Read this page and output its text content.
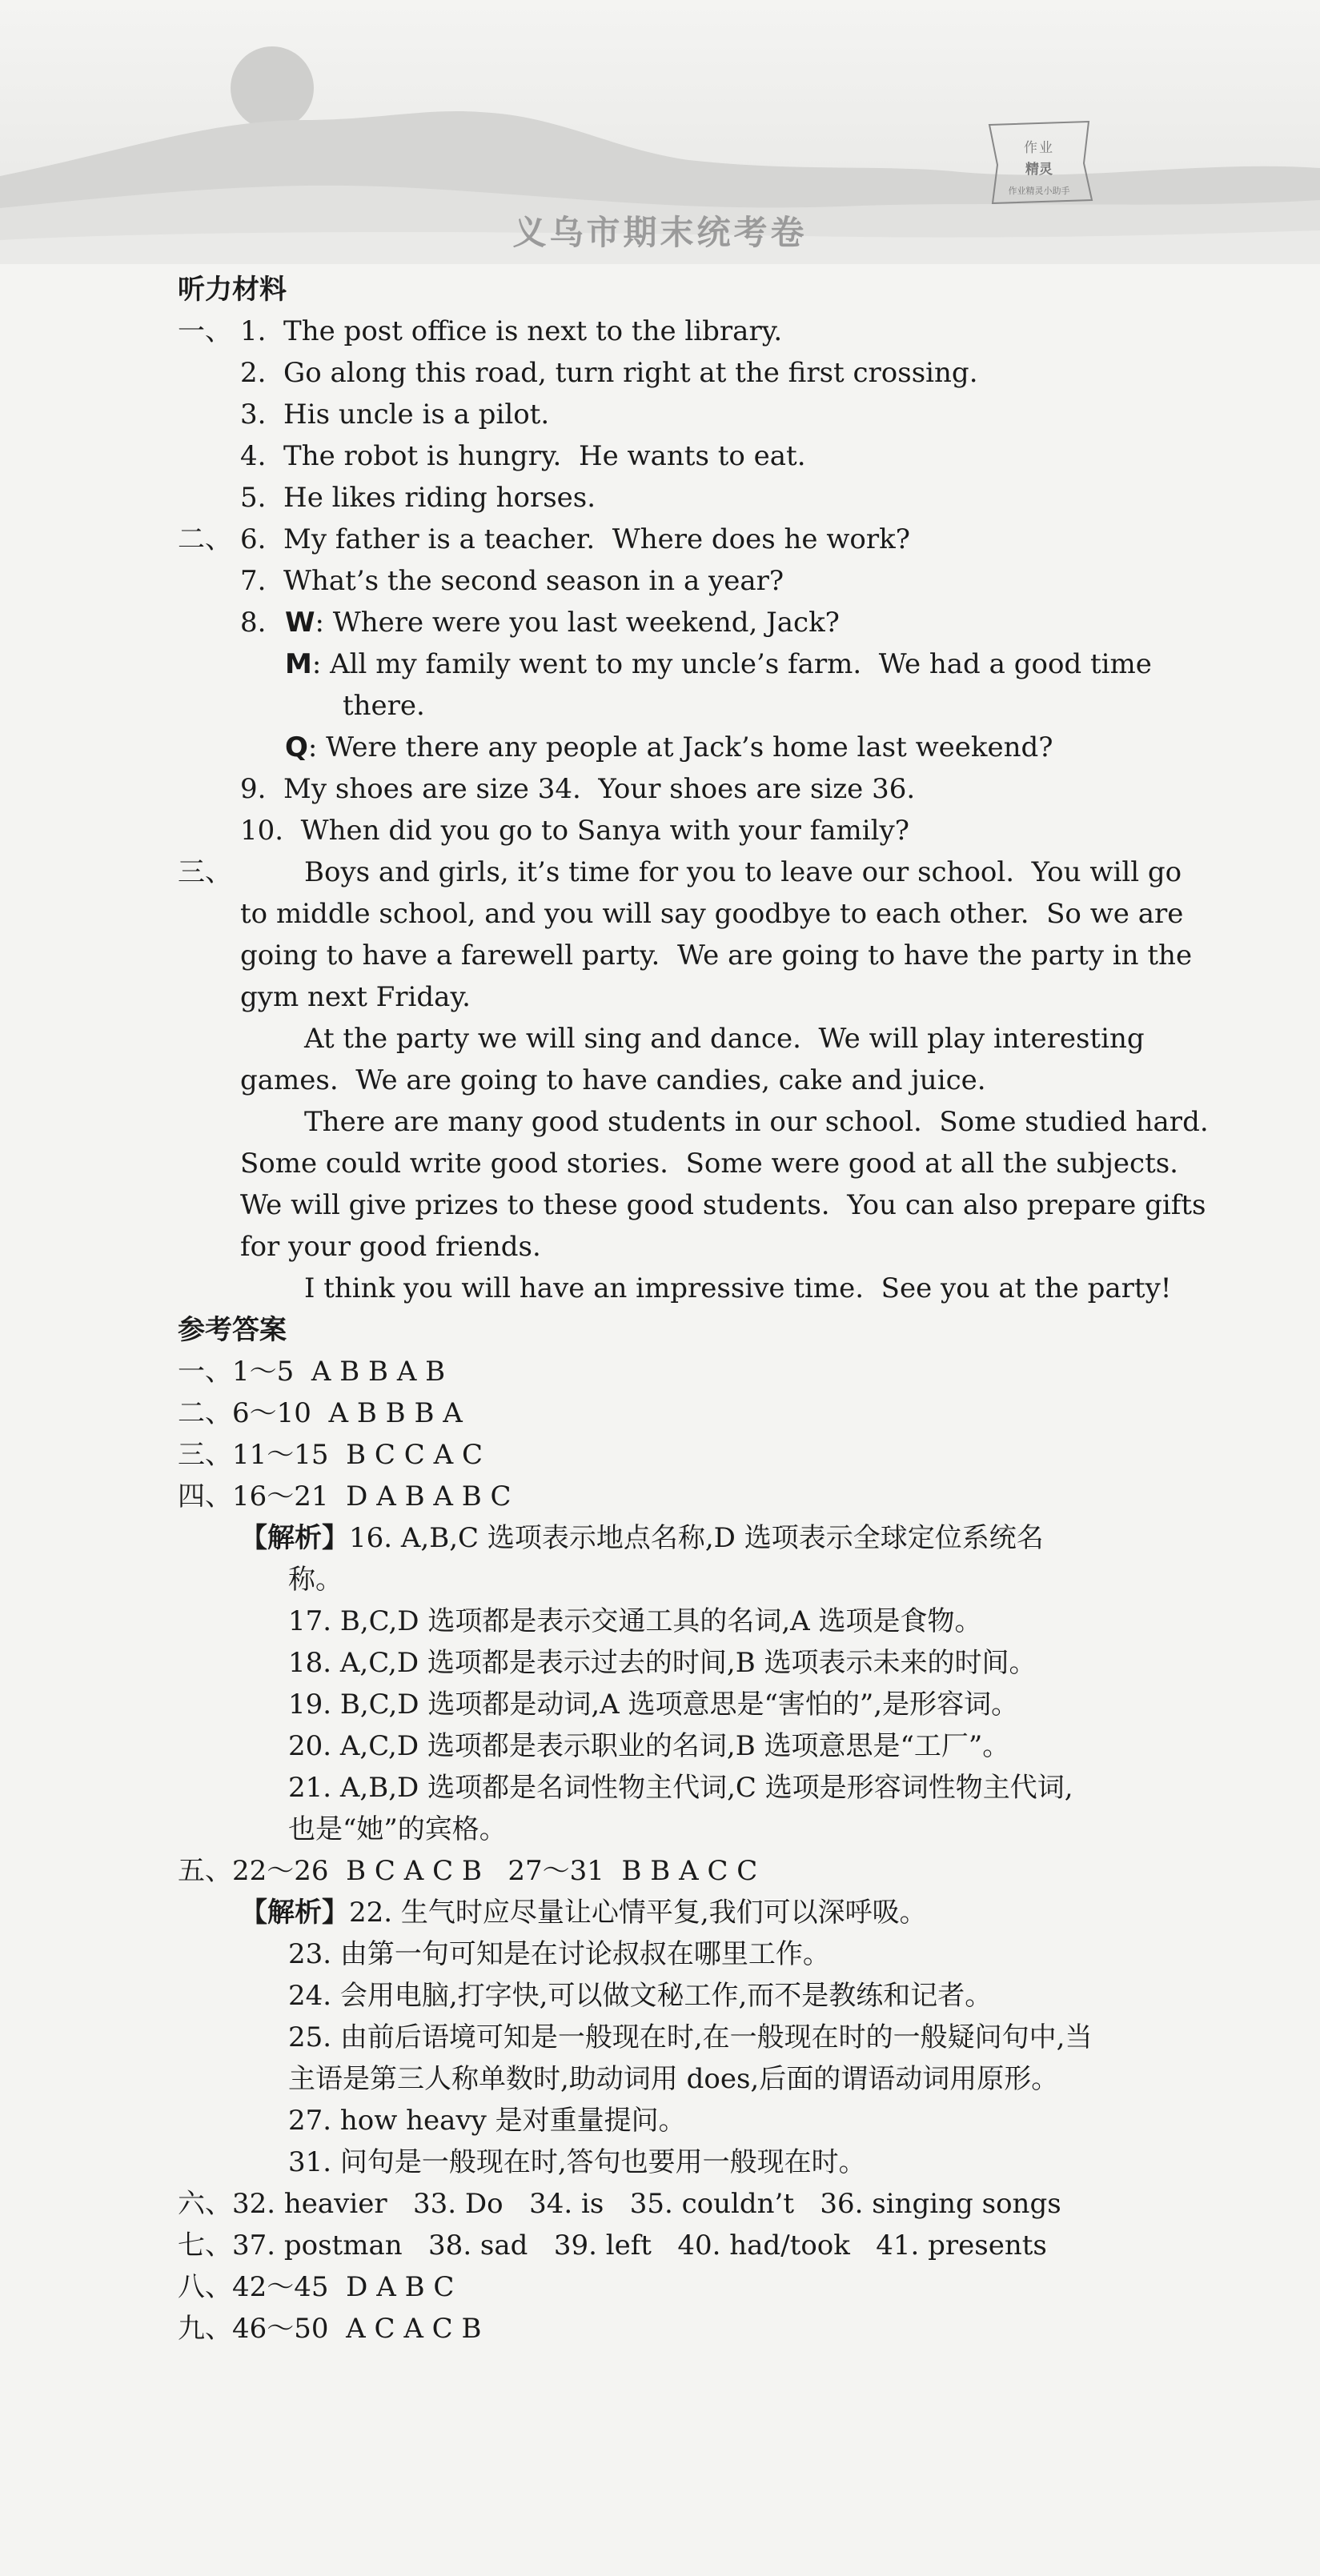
作业
精灵
作业精灵小助手
义乌市期末统考卷
听力材料
一、 1.  The post office is next to the library.
2.  Go along this road, turn right at the first crossing.
3.  His uncle is a pilot.
4.  The robot is hungry.  He wants to eat.
5.  He likes riding horses.
二、 6.  My father is a teacher.  Where does he work?
7.  What’s the second season in a year?
8. W: Where were you last weekend, Jack?
M: All my family went to my uncle’s farm.  We had a good time
there.
Q: Were there any people at Jack’s home last weekend?
9.  My shoes are size 34.  Your shoes are size 36.
10.  When did you go to Sanya with your family?
三、	Boys and girls, it’s time for you to leave our school.  You will go
to middle school, and you will say goodbye to each other.  So we are
going to have a farewell party.  We are going to have the party in the
gym next Friday.
At the party we will sing and dance.  We will play interesting
games.  We are going to have candies, cake and juice.
There are many good students in our school.  Some studied hard.
Some could write good stories.  Some were good at all the subjects.
We will give prizes to these good students.  You can also prepare gifts
for your good friends.
I think you will have an impressive time.  See you at the party!
参考答案
一、1～5  A B B A B
二、6～10  A B B B A
三、11～15  B C C A C
四、16～21  D A B A B C
【解析】16. A,B,C 选项表示地点名称,D 选项表示全球定位系统名
称。
17. B,C,D 选项都是表示交通工具的名词,A 选项是食物。
18. A,C,D 选项都是表示过去的时间,B 选项表示未来的时间。
19. B,C,D 选项都是动词,A 选项意思是“害怕的”,是形容词。
20. A,C,D 选项都是表示职业的名词,B 选项意思是“工厂”。
21. A,B,D 选项都是名词性物主代词,C 选项是形容词性物主代词,
也是“她”的宾格。
五、22～26  B C A C B   27～31  B B A C C
【解析】22. 生气时应尽量让心情平复,我们可以深呼吸。
23. 由第一句可知是在讨论叔叔在哪里工作。
24. 会用电脑,打字快,可以做文秘工作,而不是教练和记者。
25. 由前后语境可知是一般现在时,在一般现在时的一般疑问句中,当
主语是第三人称单数时,助动词用 does,后面的谓语动词用原形。
27. how heavy 是对重量提问。
31. 问句是一般现在时,答句也要用一般现在时。
六、32. heavier   33. Do   34. is   35. couldn’t   36. singing songs
七、37. postman   38. sad   39. left   40. had/took   41. presents
八、42～45  D A B C
九、46～50  A C A C B
